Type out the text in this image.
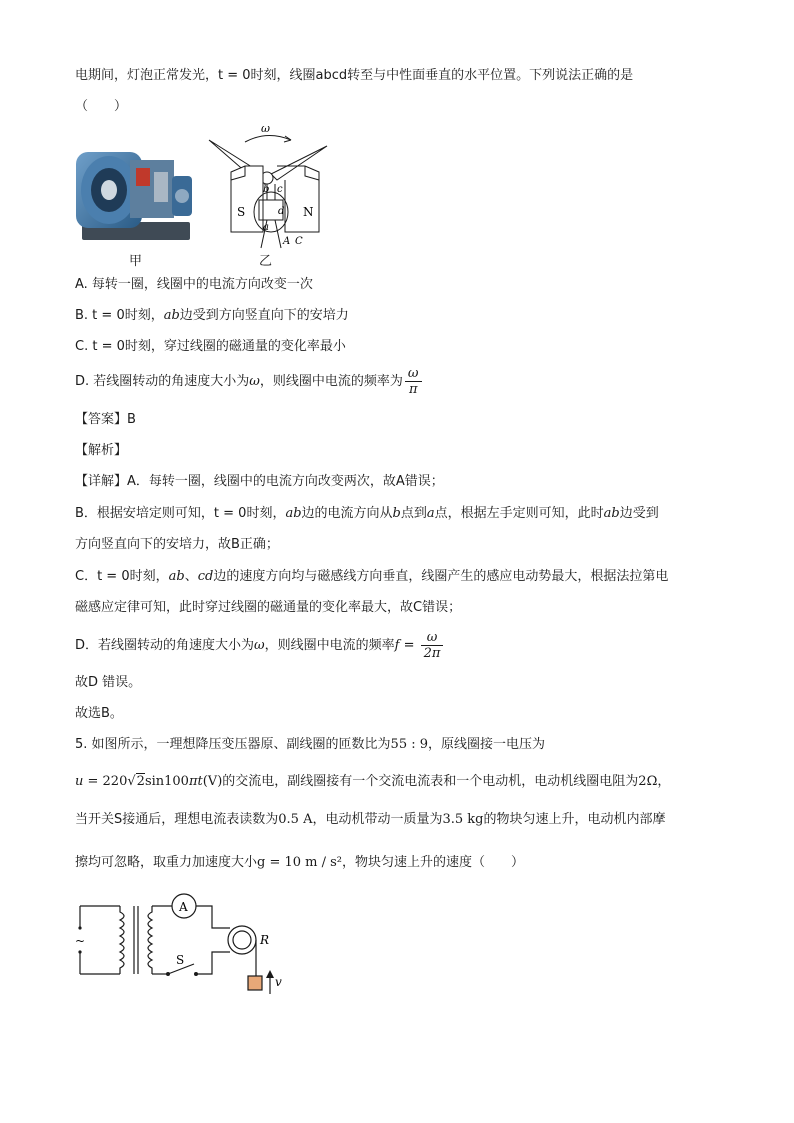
电期间，灯泡正常发光，t = 0时刻，线圈abcd转至与中性面垂直的水平位置。下列说法正确的是
（　　）
甲
ω
S	N
b c
d
a
A C
乙
A. 每转一圈，线圈中的电流方向改变一次
B. t = 0时刻，ab边受到方向竖直向下的安培力
C. t = 0时刻，穿过线圈的磁通量的变化率最小
D. 若线圈转动的角速度大小为ω，则线圈中电流的频率为 $\frac{\omega}{\pi}$
【答案】B
【解析】
【详解】A．每转一圈，线圈中的电流方向改变两次，故A错误；
B．根据安培定则可知，t = 0时刻，ab边的电流方向从b点到a点，根据左手定则可知，此时ab边受到
方向竖直向下的安培力，故B正确；
C．t = 0时刻，ab、cd边的速度方向均与磁感线方向垂直，线圈产生的感应电动势最大，根据法拉第电
磁感应定律可知，此时穿过线圈的磁通量的变化率最大，故C错误；
D．若线圈转动的角速度大小为ω，则线圈中电流的频率$f = \frac{\omega}{2\pi}$
故D 错误。
故选B。
5. 如图所示，一理想降压变压器原、副线圈的匝数比为55 : 9，原线圈接一电压为
u = 220√2sin100πt(V)的交流电，副线圈接有一个交流电流表和一个电动机，电动机线圈电阻为2Ω，
当开关S接通后，理想电流表读数为0.5 A，电动机带动一质量为3.5 kg的物块匀速上升，电动机内部摩
擦均可忽略，取重力加速度大小g = 10 m / s²，物块匀速上升的速度（　　）
~
A
R
S
v
